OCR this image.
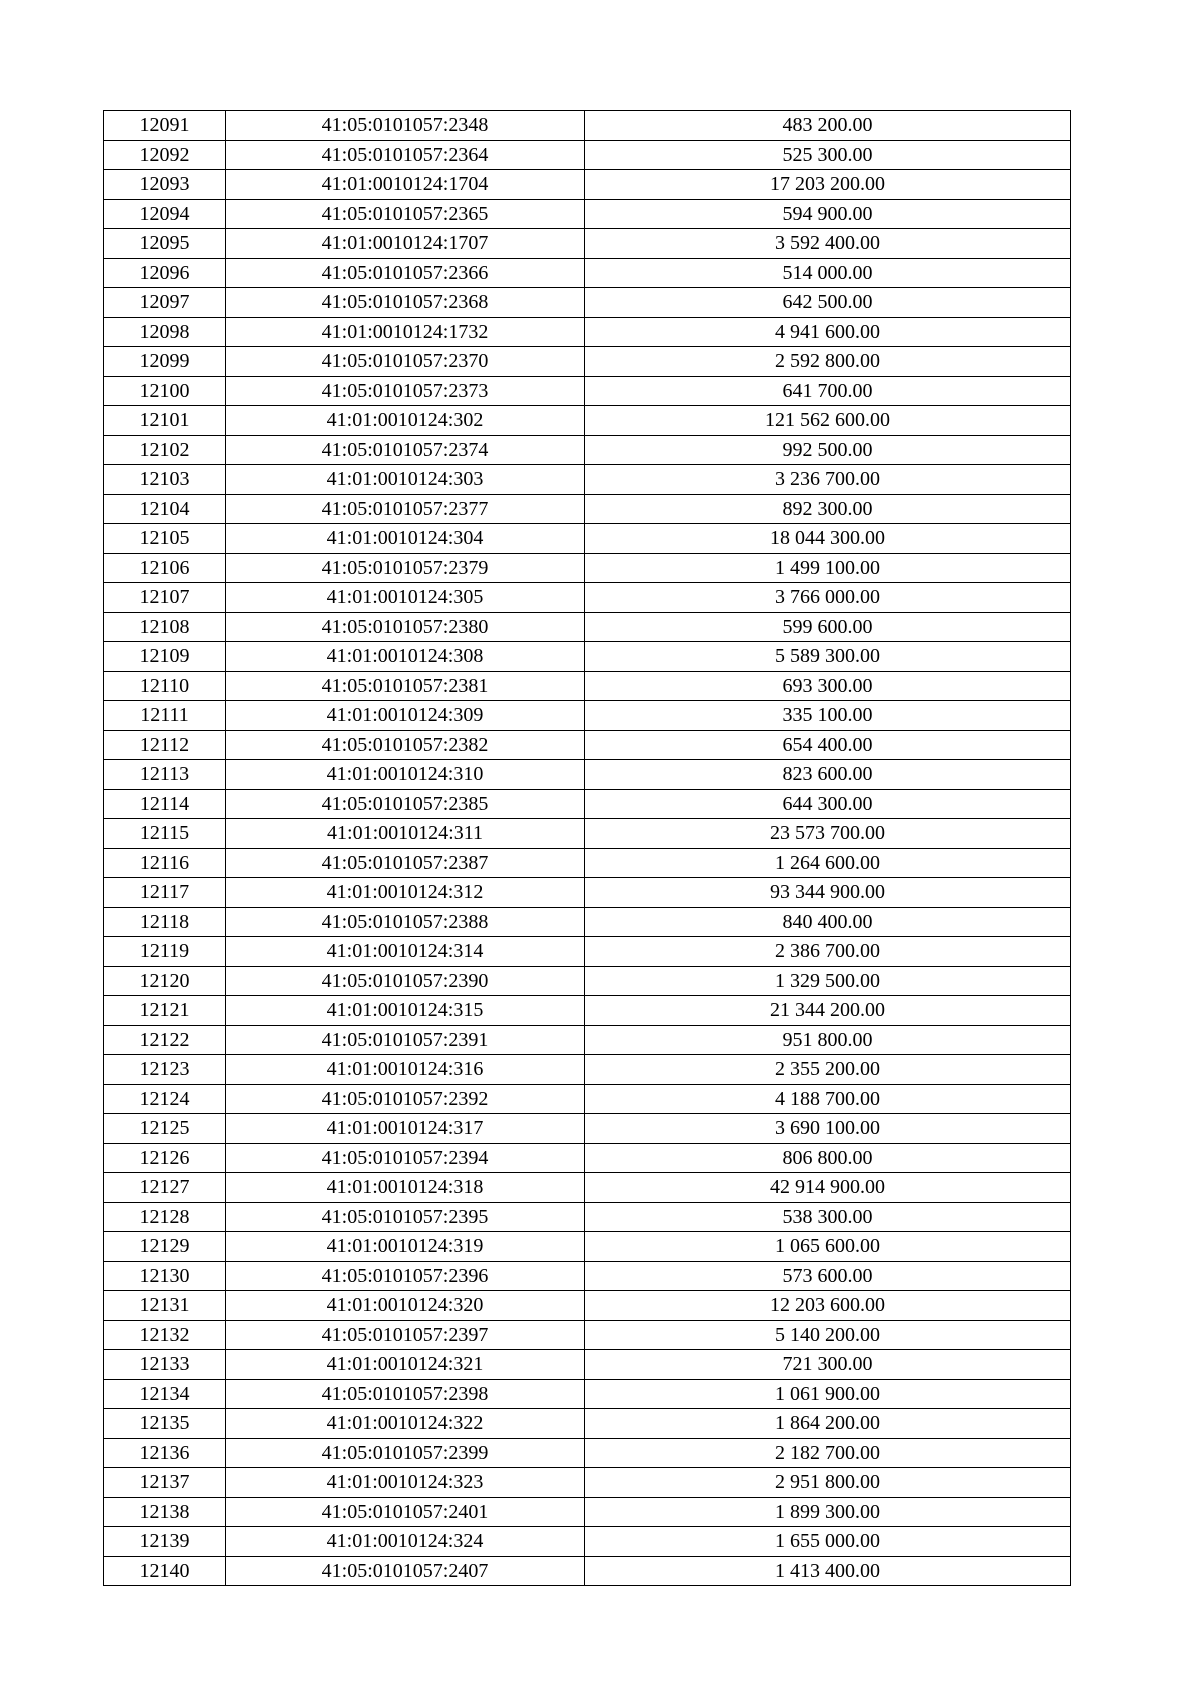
12091	41:05:0101057:2348	483 200.00
12092	41:05:0101057:2364	525 300.00
12093	41:01:0010124:1704	17 203 200.00
12094	41:05:0101057:2365	594 900.00
12095	41:01:0010124:1707	3 592 400.00
12096	41:05:0101057:2366	514 000.00
12097	41:05:0101057:2368	642 500.00
12098	41:01:0010124:1732	4 941 600.00
12099	41:05:0101057:2370	2 592 800.00
12100	41:05:0101057:2373	641 700.00
12101	41:01:0010124:302	121 562 600.00
12102	41:05:0101057:2374	992 500.00
12103	41:01:0010124:303	3 236 700.00
12104	41:05:0101057:2377	892 300.00
12105	41:01:0010124:304	18 044 300.00
12106	41:05:0101057:2379	1 499 100.00
12107	41:01:0010124:305	3 766 000.00
12108	41:05:0101057:2380	599 600.00
12109	41:01:0010124:308	5 589 300.00
12110	41:05:0101057:2381	693 300.00
12111	41:01:0010124:309	335 100.00
12112	41:05:0101057:2382	654 400.00
12113	41:01:0010124:310	823 600.00
12114	41:05:0101057:2385	644 300.00
12115	41:01:0010124:311	23 573 700.00
12116	41:05:0101057:2387	1 264 600.00
12117	41:01:0010124:312	93 344 900.00
12118	41:05:0101057:2388	840 400.00
12119	41:01:0010124:314	2 386 700.00
12120	41:05:0101057:2390	1 329 500.00
12121	41:01:0010124:315	21 344 200.00
12122	41:05:0101057:2391	951 800.00
12123	41:01:0010124:316	2 355 200.00
12124	41:05:0101057:2392	4 188 700.00
12125	41:01:0010124:317	3 690 100.00
12126	41:05:0101057:2394	806 800.00
12127	41:01:0010124:318	42 914 900.00
12128	41:05:0101057:2395	538 300.00
12129	41:01:0010124:319	1 065 600.00
12130	41:05:0101057:2396	573 600.00
12131	41:01:0010124:320	12 203 600.00
12132	41:05:0101057:2397	5 140 200.00
12133	41:01:0010124:321	721 300.00
12134	41:05:0101057:2398	1 061 900.00
12135	41:01:0010124:322	1 864 200.00
12136	41:05:0101057:2399	2 182 700.00
12137	41:01:0010124:323	2 951 800.00
12138	41:05:0101057:2401	1 899 300.00
12139	41:01:0010124:324	1 655 000.00
12140	41:05:0101057:2407	1 413 400.00
